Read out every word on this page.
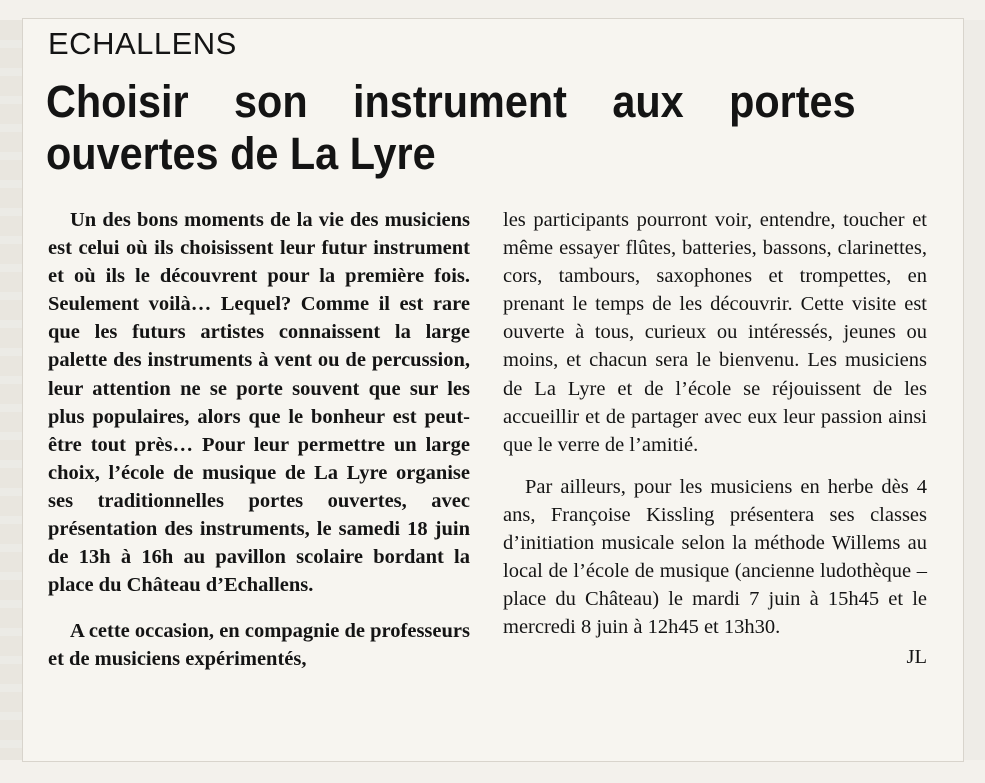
ECHALLENS
Choisir son instrument aux portes
ouvertes de La Lyre

Un des bons moments de la vie des musiciens est celui où ils choisissent leur futur instrument et où ils le découvrent pour la première fois. Seulement voilà… Lequel? Comme il est rare que les futurs artistes connaissent la large palette des instruments à vent ou de percussion, leur attention ne se porte souvent que sur les plus populaires, alors que le bonheur est peut-être tout près… Pour leur permettre un large choix, l’école de musique de La Lyre organise ses traditionnelles portes ouvertes, avec présentation des instruments, le samedi 18 juin de 13h à 16h au pavillon scolaire bordant la place du Château d’Echallens.

A cette occasion, en compagnie de professeurs et de musiciens expérimentés,

les participants pourront voir, entendre, toucher et même essayer flûtes, batteries, bassons, clarinettes, cors, tambours, saxophones et trompettes, en prenant le temps de les découvrir. Cette visite est ouverte à tous, curieux ou intéressés, jeunes ou moins, et chacun sera le bienvenu. Les musiciens de La Lyre et de l’école se réjouissent de les accueillir et de partager avec eux leur passion ainsi que le verre de l’amitié.

Par ailleurs, pour les musiciens en herbe dès 4 ans, Françoise Kissling présentera ses classes d’initiation musicale selon la méthode Willems au local de l’école de musique (ancienne ludothèque – place du Château) le mardi 7 juin à 15h45 et le mercredi 8 juin à 12h45 et 13h30.

JL
